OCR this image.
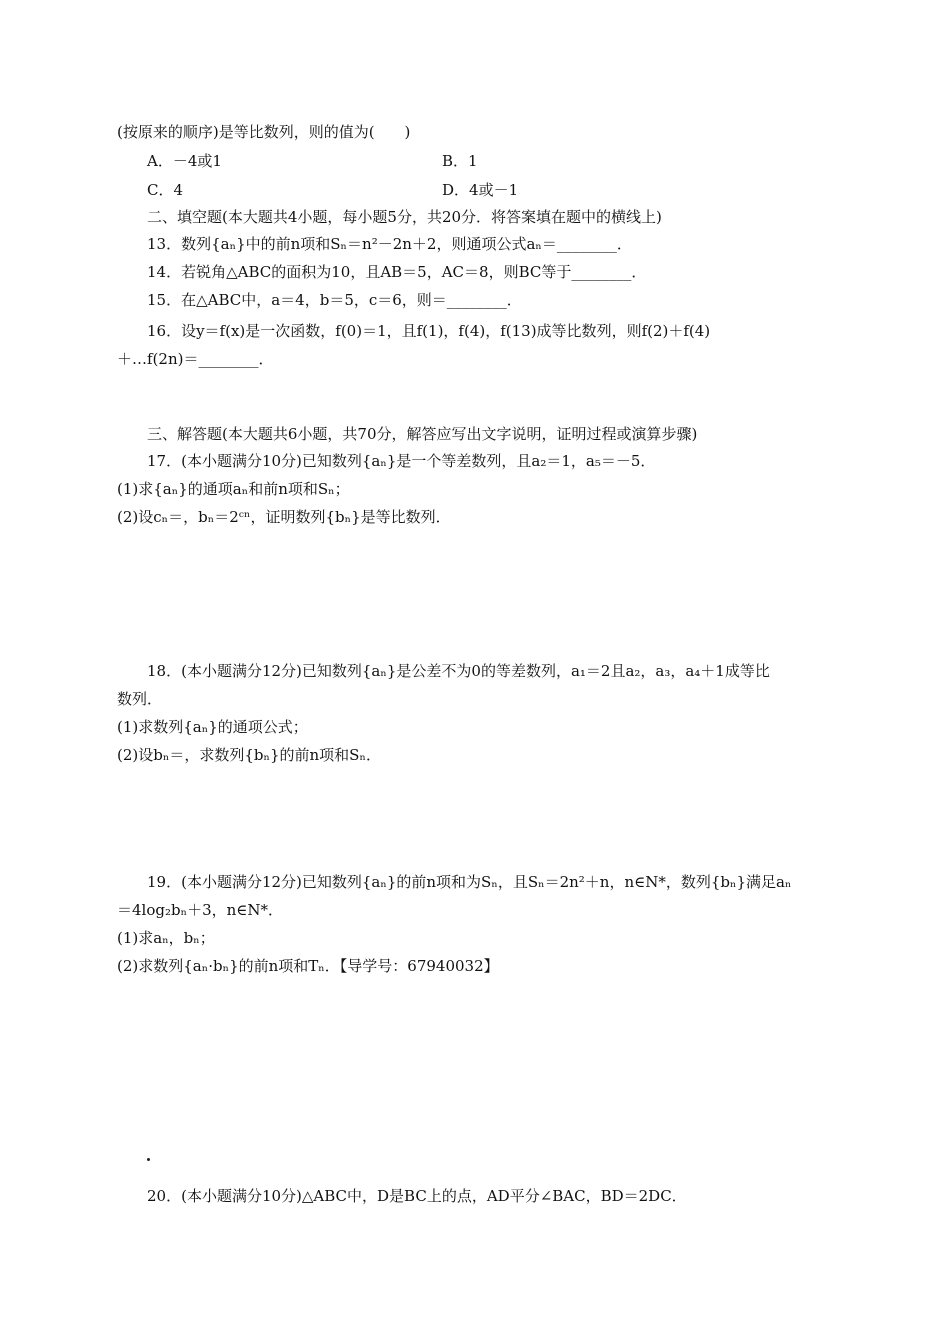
(按原来的顺序)是等比数列，则的值为(　　)
A．－4或1	B．1
C．4	D．4或－1
二、填空题(本大题共4小题，每小题5分，共20分．将答案填在题中的横线上)
13．数列{aₙ}中的前n项和Sₙ＝n²－2n＋2，则通项公式aₙ＝________．
14．若锐角△ABC的面积为10，且AB＝5，AC＝8，则BC等于________．
15．在△ABC中，a＝4，b＝5，c＝6，则＝________．
16．设y＝f(x)是一次函数，f(0)＝1，且f(1)，f(4)，f(13)成等比数列，则f(2)＋f(4)
＋…f(2n)＝________．
三、解答题(本大题共6小题，共70分，解答应写出文字说明，证明过程或演算步骤)
17．(本小题满分10分)已知数列{aₙ}是一个等差数列，且a₂＝1，a₅＝－5．
(1)求{aₙ}的通项aₙ和前n项和Sₙ；
(2)设cₙ＝，bₙ＝2ᶜⁿ，证明数列{bₙ}是等比数列．
18．(本小题满分12分)已知数列{aₙ}是公差不为0的等差数列，a₁＝2且a₂，a₃，a₄＋1成等比
数列．
(1)求数列{aₙ}的通项公式；
(2)设bₙ＝，求数列{bₙ}的前n项和Sₙ．
19．(本小题满分12分)已知数列{aₙ}的前n项和为Sₙ，且Sₙ＝2n²＋n，n∈N*，数列{bₙ}满足aₙ
＝4log₂bₙ＋3，n∈N*．
(1)求aₙ，bₙ；
(2)求数列{aₙ·bₙ}的前n项和Tₙ．【导学号：67940032】
20．(本小题满分10分)△ABC中，D是BC上的点，AD平分∠BAC，BD＝2DC．
